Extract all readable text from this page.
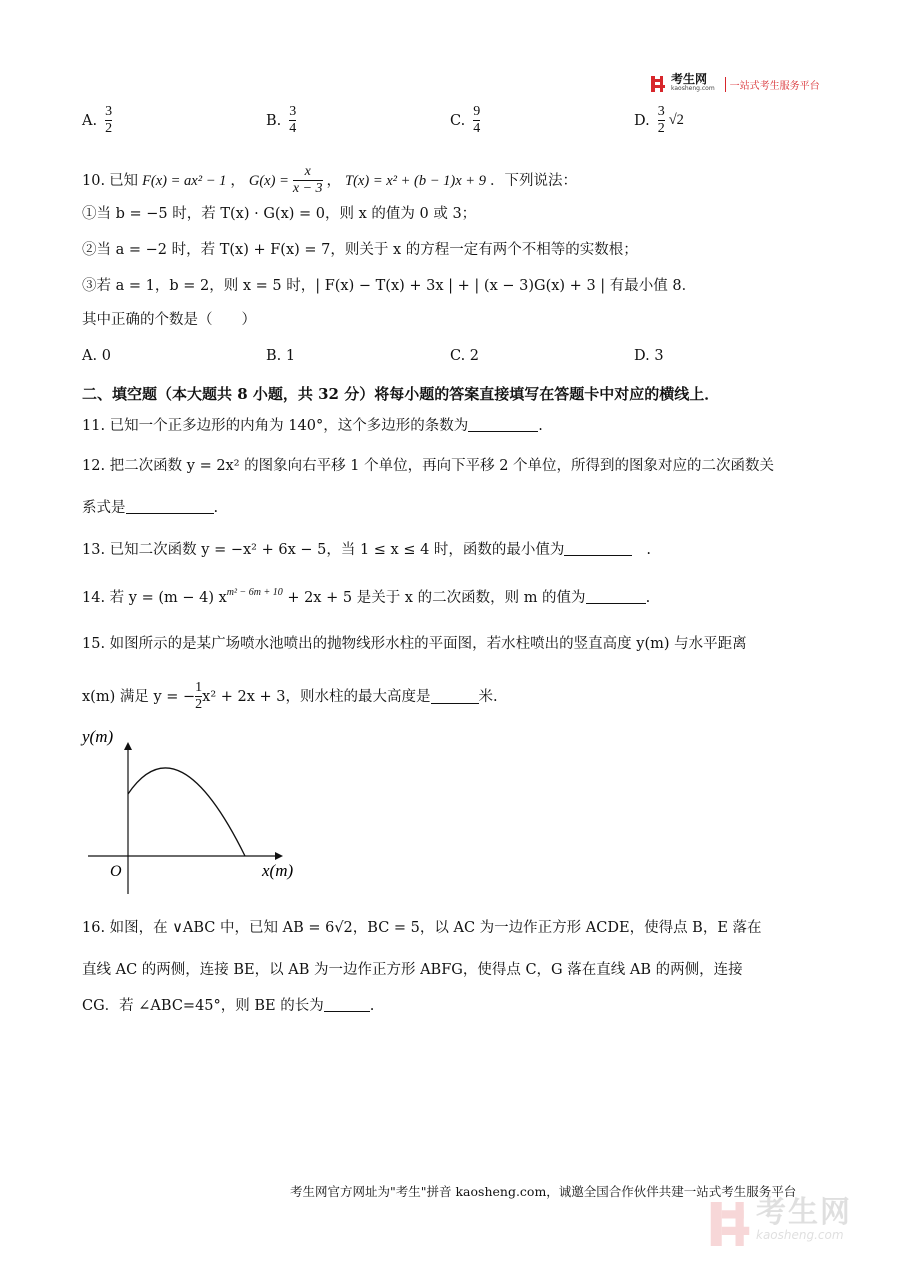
考生网
kaosheng.com	一站式考生服务平台
A. $\frac{3}{2}$	B. $\frac{3}{4}$	C. $\frac{9}{4}$	D. $\frac{3}{2} √2$
10. 已知 F(x) = ax² − 1 ， $G(x) = \frac{x}{x - 3}$ ， T(x) = x² + (b − 1)x + 9 ．下列说法：
①当 b = −5 时，若 T(x) · G(x) = 0，则 x 的值为 0 或 3；
②当 a = −2 时，若 T(x) + F(x) = 7，则关于 x 的方程一定有两个不相等的实数根；
③若 a = 1，b = 2，则 x = 5 时，| F(x) − T(x) + 3x | + | (x − 3)G(x) + 3 | 有最小值 8．
其中正确的个数是（　　）
A. 0	B. 1	C. 2	D. 3
二、填空题（本大题共 8 小题，共 32 分）将每小题的答案直接填写在答题卡中对应的横线上．
11. 已知一个正多边形的内角为 140°，这个多边形的条数为	.
12. 把二次函数 y = 2x² 的图象向右平移 1 个单位，再向下平移 2 个单位，所得到的图象对应的二次函数关
系式是	.
13. 已知二次函数 y = −x² + 6x − 5，当 1 ≤ x ≤ 4 时，函数的最小值为	.
14. 若 y = (m − 4) $x^{m^2 - 6m + 10} + 2x + 5$ 是关于 x 的二次函数，则 m 的值为	.
15. 如图所示的是某广场喷水池喷出的抛物线形水柱的平面图，若水柱喷出的竖直高度 y(m) 与水平距离
x(m) 满足 y = − $\frac{1}{2} x^2 + 2x + 3$，则水柱的最大高度是	米.
y(m)
x(m)
O
16. 如图，在 ∨ABC 中，已知 AB = 6√2，BC = 5，以 AC 为一边作正方形 ACDE，使得点 B，E 落在
直线 AC 的两侧，连接 BE，以 AB 为一边作正方形 ABFG，使得点 C，G 落在直线 AB 的两侧，连接
CG．若 ∠ABC=45°，则 BE 的长为	.
考生网官方网址为"考生"拼音 kaosheng.com，诚邀全国合作伙伴共建一站式考生服务平台
考生网
kaosheng.com
